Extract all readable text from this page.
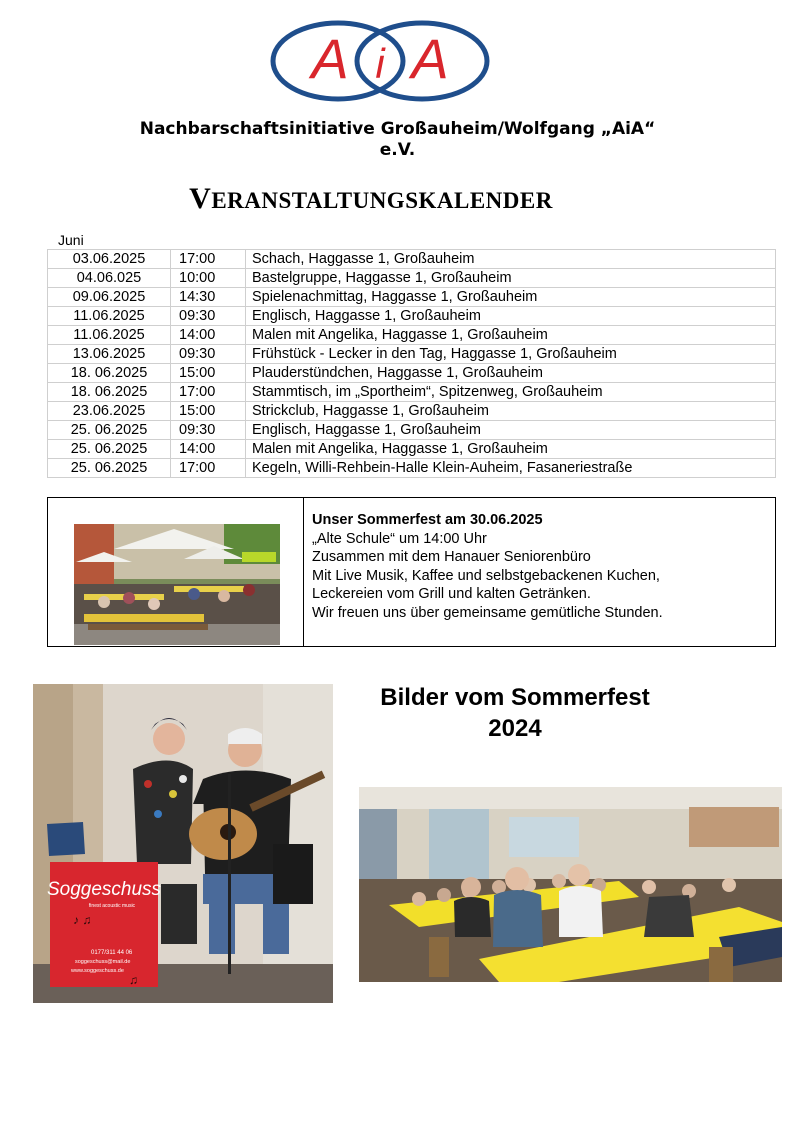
A i A
Nachbarschaftsinitiative Großauheim/Wolfgang „AiA“
e.V.
VERANSTALTUNGSKALENDER
Juni
03.06.2025	17:00	Schach, Haggasse 1, Großauheim
04.06.025	10:00	Bastelgruppe, Haggasse 1, Großauheim
09.06.2025	14:30	Spielenachmittag, Haggasse 1, Großauheim
11.06.2025	09:30	Englisch, Haggasse 1, Großauheim
11.06.2025	14:00	Malen mit Angelika, Haggasse 1, Großauheim
13.06.2025	09:30	Frühstück - Lecker in den Tag, Haggasse 1, Großauheim
18. 06.2025	15:00	Plauderstündchen, Haggasse 1, Großauheim
18. 06.2025	17:00	Stammtisch, im „Sportheim“, Spitzenweg, Großauheim
23.06.2025	15:00	Strickclub, Haggasse 1, Großauheim
25. 06.2025	09:30	Englisch, Haggasse 1, Großauheim
25. 06.2025	14:00	Malen mit Angelika, Haggasse 1, Großauheim
25. 06.2025	17:00	Kegeln, Willi-Rehbein-Halle Klein-Auheim, Fasaneriestraße
Unser Sommerfest am 30.06.2025
„Alte Schule“ um 14:00 Uhr
Zusammen mit dem Hanauer Seniorenbüro
Mit Live Musik, Kaffee und selbstgebackenen Kuchen,
Leckereien vom Grill und kalten Getränken.
Wir freuen uns über gemeinsame gemütliche Stunden.
Soggeschuss
finest acoustic music
♪ ♫
0177/311 44 06
soggeschuss@mail.de
www.soggeschuss.de
♫
Bilder vom Sommerfest
2024
